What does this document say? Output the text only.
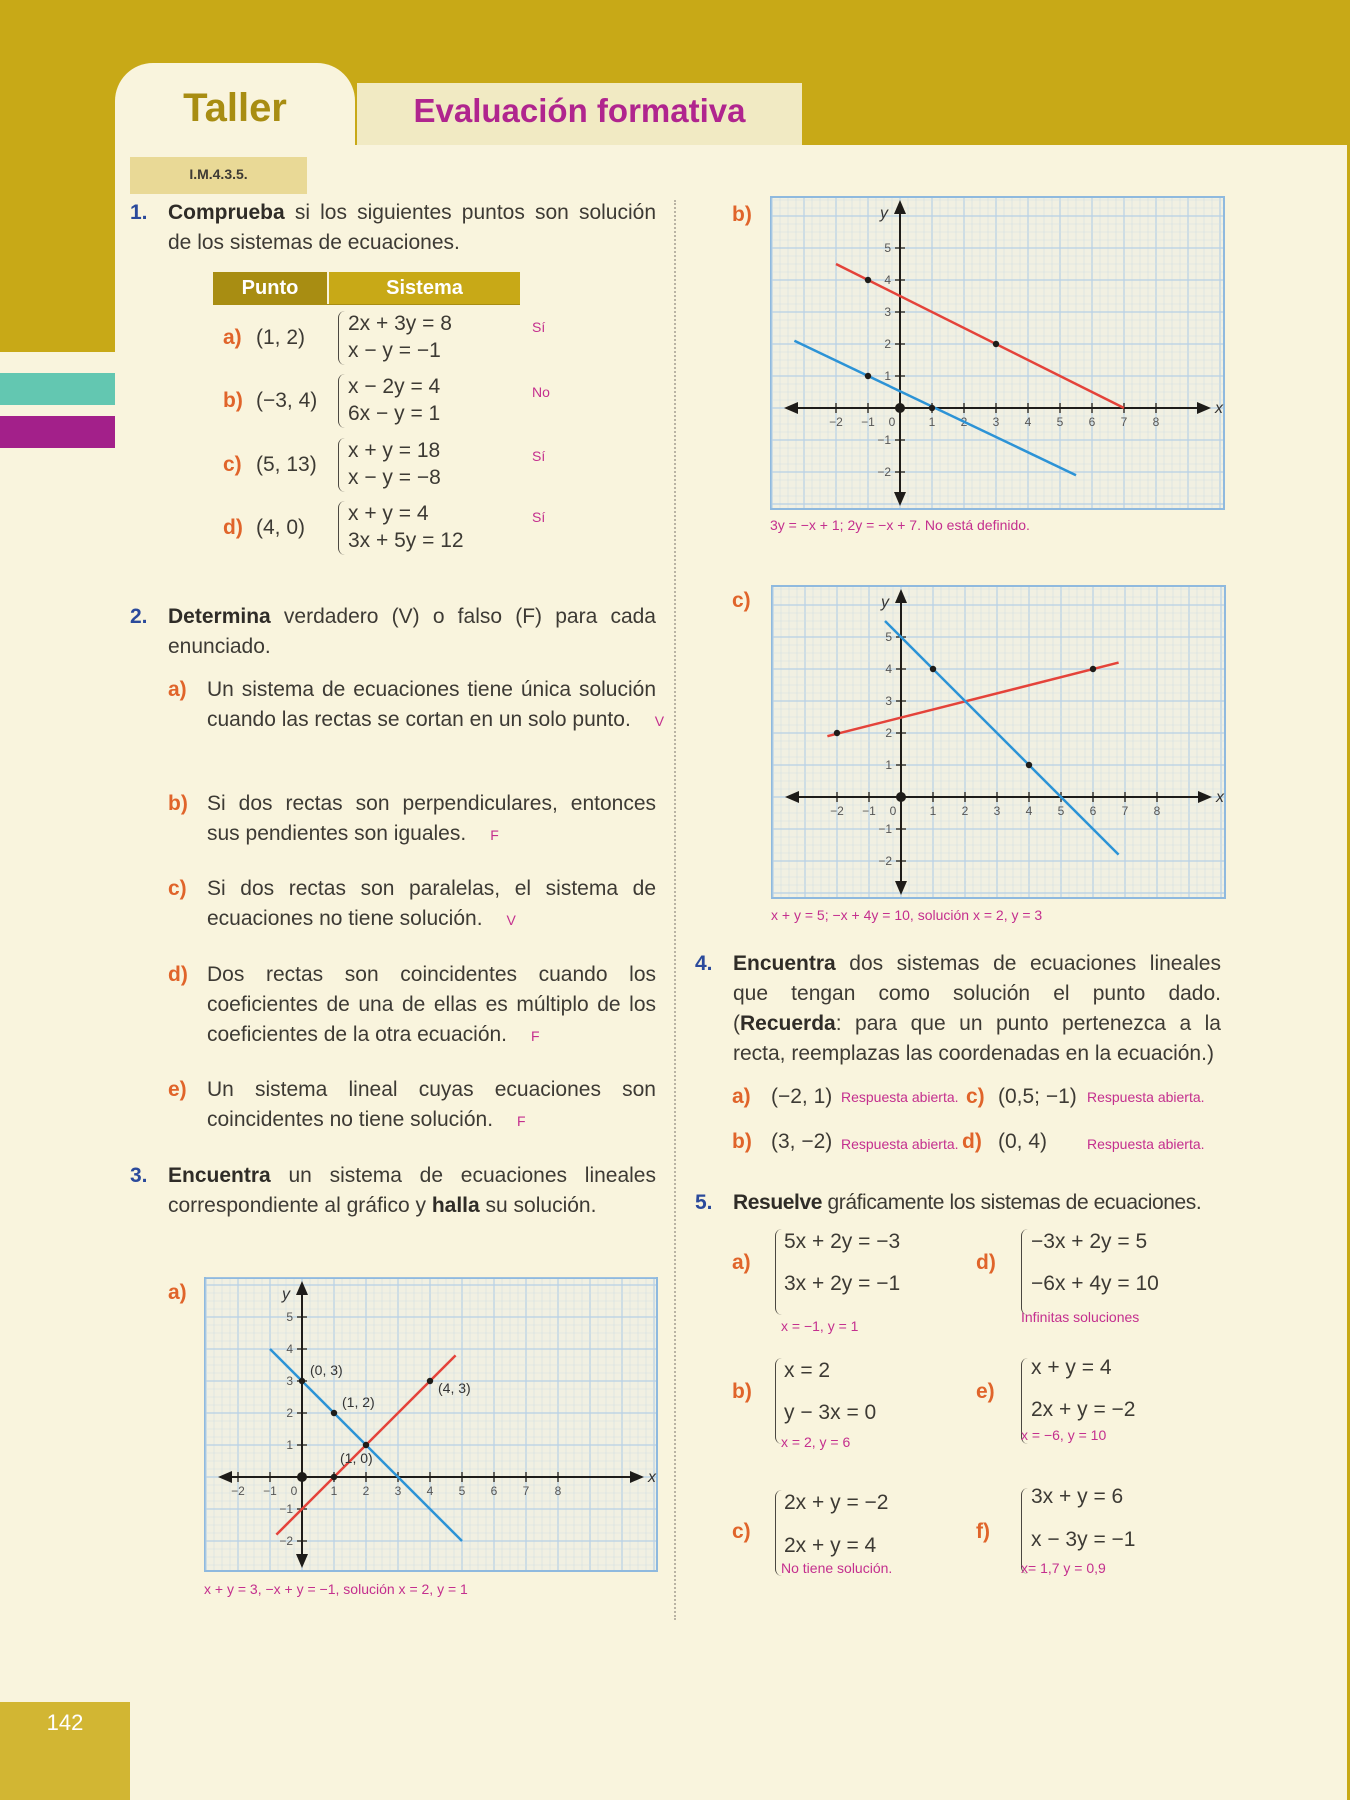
142
Taller	Evaluación formativa
I.M.4.3.5.
1. Comprueba si los siguientes puntos son solución de los sistemas de ecuaciones.
Punto	Sistema
a) (1, 2)
2x + 3y = 8
x − y = −1
Sí
b) (−3, 4)
x − 2y = 4
6x − y = 1
No
c) (5, 13)
x + y = 18
x − y = −8
Sí
d) (4, 0)
x + y = 4
3x + 5y = 12
Sí
2. Determina verdadero (V) o falso (F) para cada enunciado.
a) Un sistema de ecuaciones tiene única solución cuando las rectas se cortan en un solo punto. V
b) Si dos rectas son perpendiculares, entonces sus pendientes son iguales. F
c) Si dos rectas son paralelas, el sistema de ecuaciones no tiene solución. V
d) Dos rectas son coincidentes cuando los coeficientes de una de ellas es múltiplo de los coeficientes de la otra ecuación. F
e) Un sistema lineal cuyas ecuaciones son coincidentes no tiene solución. F
3. Encuentra un sistema de ecuaciones lineales correspondiente al gráfico y halla su solución.
a)
x
y
−2 −1 0	1 2 3 4 5 6 7 8
5
4
3
2
1
−1
−2
(0, 3)
(1, 2)
(1, 0)
(4, 3)
x + y = 3, −x + y = −1, solución x = 2, y = 1
b)
x
y
−2 −1 0	1	3 4 5 6 7 8
5
4
3
2
1
−1
−2
3y = −x + 1; 2y = −x + 7. No está definido.
c)
x
y
−2 −1 0	1 2 3 4 5 6 7 8
5
4
3
2
1
−1
−2
x + y = 5; −x + 4y = 10, solución x = 2, y = 3
4. Encuentra dos sistemas de ecuaciones lineales que tengan como solución el punto dado. (Recuerda: para que un punto pertenezca a la recta, reemplazas las coordenadas en la ecuación.)
a) (−2, 1) Respuesta abierta. c) (0,5; −1) Respuesta abierta.
b) (3, −2) Respuesta abierta. d) (0, 4)	Respuesta abierta.
5. Resuelve gráficamente los sistemas de ecuaciones.
a)
5x + 2y = −3
3x + 2y = −1
x = −1, y = 1
d)
−3x + 2y = 5
−6x + 4y = 10
Infinitas soluciones
b)
x = 2
y − 3x = 0
x = 2, y = 6
e)
x + y = 4
2x + y = −2
x = −6, y = 10
c)
2x + y = −2
2x + y = 4
No tiene solución.
f)
3x + y = 6
x − 3y = −1
x= 1,7 y = 0,9
